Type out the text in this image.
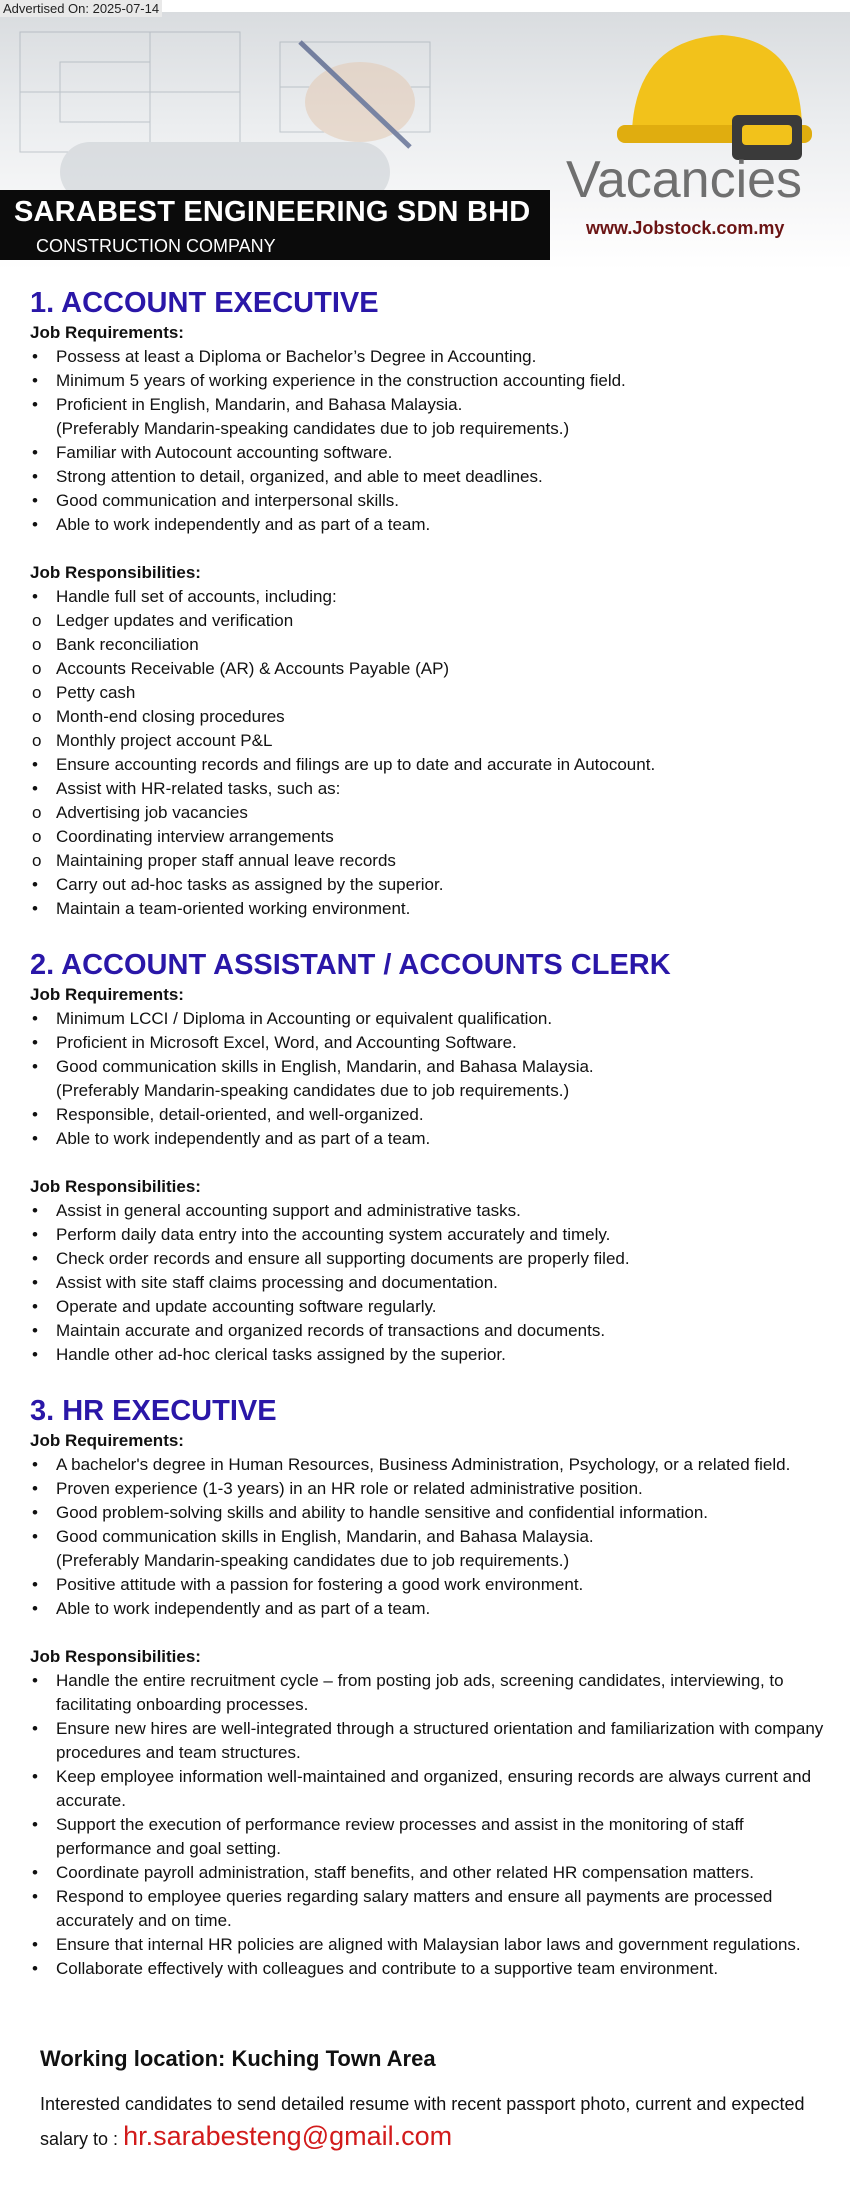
Advertised On: 2025-07-14
SARABEST ENGINEERING SDN BHD
CONSTRUCTION COMPANY
Vacancies
www.Jobstock.com.my
1. ACCOUNT EXECUTIVE

Job Requirements:

• Possess at least a Diploma or Bachelor’s Degree in Accounting.
• Minimum 5 years of working experience in the construction accounting field.
• Proficient in English, Mandarin, and Bahasa Malaysia.
(Preferably Mandarin-speaking candidates due to job requirements.)
• Familiar with Autocount accounting software.
• Strong attention to detail, organized, and able to meet deadlines.
• Good communication and interpersonal skills.
• Able to work independently and as part of a team.

Job Responsibilities:

• Handle full set of accounts, including:
o Ledger updates and verification
o Bank reconciliation
o Accounts Receivable (AR) & Accounts Payable (AP)
o Petty cash
o Month-end closing procedures
o Monthly project account P&L
• Ensure accounting records and filings are up to date and accurate in Autocount.
• Assist with HR-related tasks, such as:
o Advertising job vacancies
o Coordinating interview arrangements
o Maintaining proper staff annual leave records
• Carry out ad-hoc tasks as assigned by the superior.
• Maintain a team-oriented working environment.
2. ACCOUNT ASSISTANT / ACCOUNTS CLERK

Job Requirements:

• Minimum LCCI / Diploma in Accounting or equivalent qualification.
• Proficient in Microsoft Excel, Word, and Accounting Software.
• Good communication skills in English, Mandarin, and Bahasa Malaysia.
(Preferably Mandarin-speaking candidates due to job requirements.)
• Responsible, detail-oriented, and well-organized.
• Able to work independently and as part of a team.

Job Responsibilities:

• Assist in general accounting support and administrative tasks.
• Perform daily data entry into the accounting system accurately and timely.
• Check order records and ensure all supporting documents are properly filed.
• Assist with site staff claims processing and documentation.
• Operate and update accounting software regularly.
• Maintain accurate and organized records of transactions and documents.
• Handle other ad-hoc clerical tasks assigned by the superior.
3. HR EXECUTIVE

Job Requirements:

• A bachelor's degree in Human Resources, Business Administration, Psychology, or a related field.
• Proven experience (1-3 years) in an HR role or related administrative position.
• Good problem-solving skills and ability to handle sensitive and confidential information.
• Good communication skills in English, Mandarin, and Bahasa Malaysia.
(Preferably Mandarin-speaking candidates due to job requirements.)
• Positive attitude with a passion for fostering a good work environment.
• Able to work independently and as part of a team.

Job Responsibilities:

• Handle the entire recruitment cycle – from posting job ads, screening candidates, interviewing, to facilitating onboarding processes.
• Ensure new hires are well-integrated through a structured orientation and familiarization with company procedures and team structures.
• Keep employee information well-maintained and organized, ensuring records are always current and accurate.
• Support the execution of performance review processes and assist in the monitoring of staff performance and goal setting.
• Coordinate payroll administration, staff benefits, and other related HR compensation matters.
• Respond to employee queries regarding salary matters and ensure all payments are processed accurately and on time.
• Ensure that internal HR policies are aligned with Malaysian labor laws and government regulations.
• Collaborate effectively with colleagues and contribute to a supportive team environment.

Working location: Kuching Town Area

Interested candidates to send detailed resume with recent passport photo, current and expected salary to : hr.sarabesteng@gmail.com
